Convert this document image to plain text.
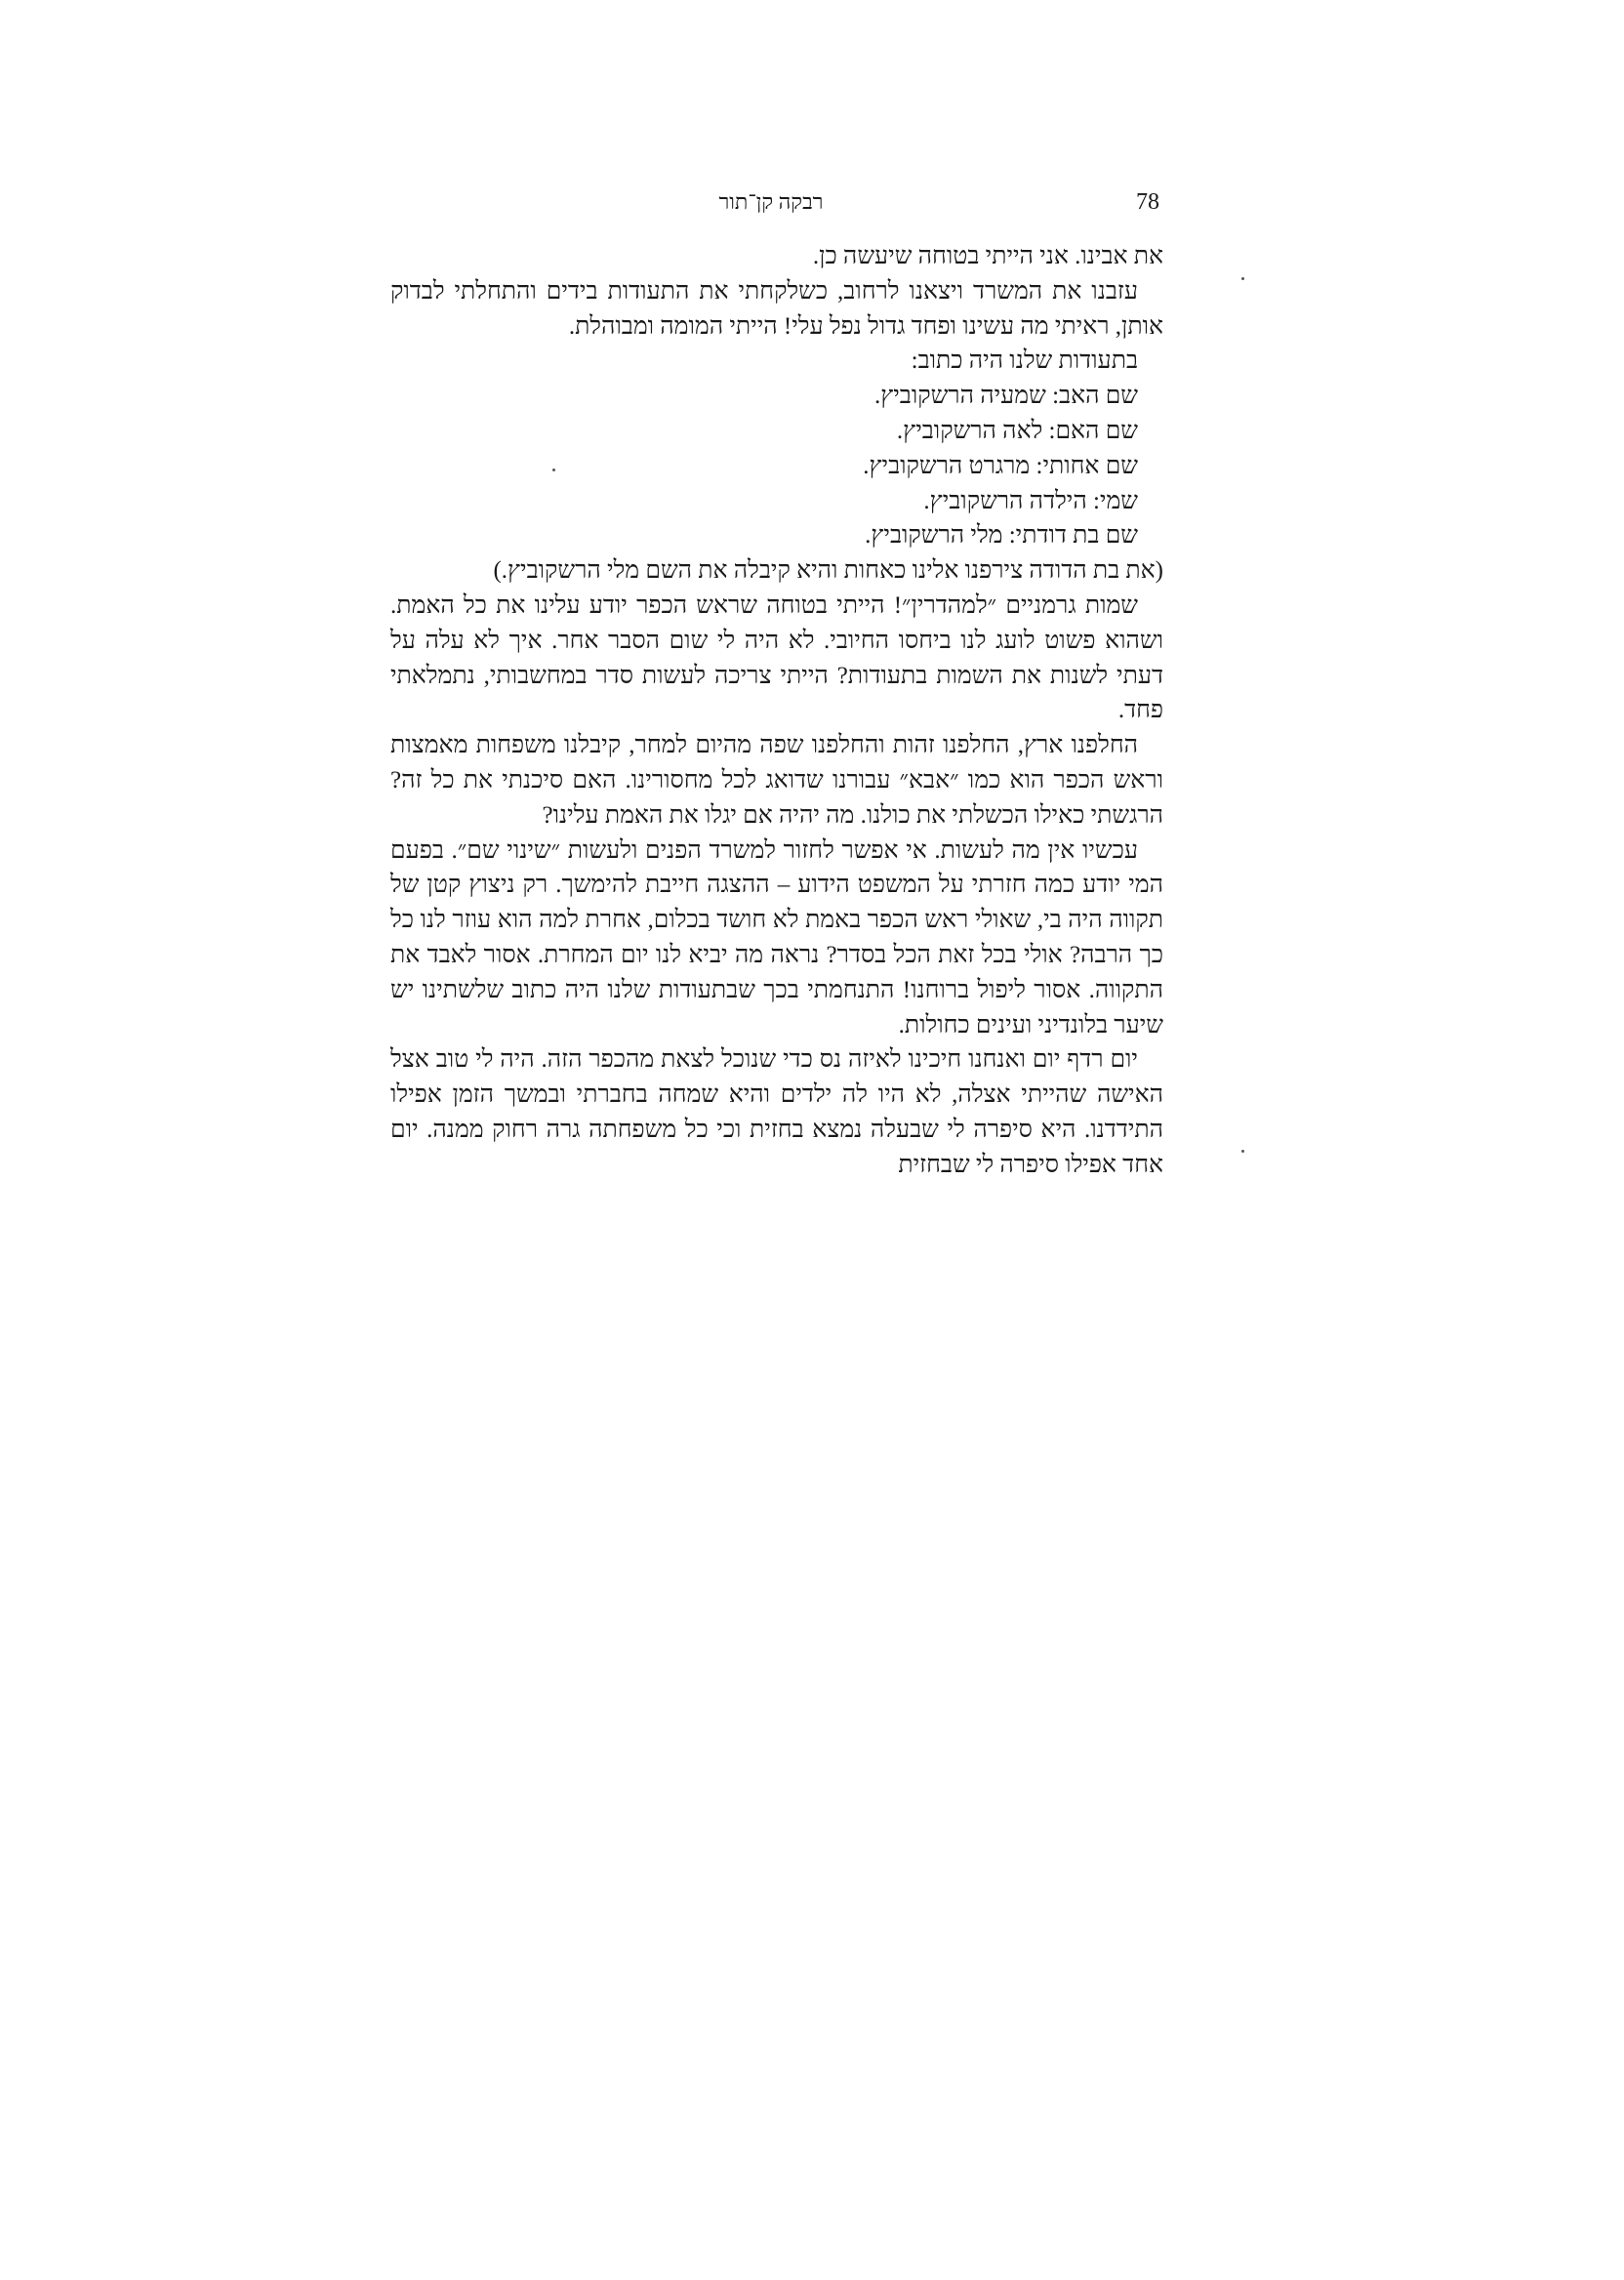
רבקה קן־תור	78

את אבינו. אני הייתי בטוחה שיעשה כן.

עזבנו את המשרד ויצאנו לרחוב, כשלקחתי את התעודות בידים והתחלתי לבדוק אותן, ראיתי מה עשינו ופחד גדול נפל עלי! הייתי המומה ומבוהלת.

בתעודות שלנו היה כתוב:

שם האב: שמעיה הרשקוביץ.

שם האם: לאה הרשקוביץ.

שם אחותי: מרגרט הרשקוביץ.

שמי: הילדה הרשקוביץ.

שם בת דודתי: מלי הרשקוביץ.

(את בת הדודה צירפנו אלינו כאחות והיא קיבלה את השם מלי הרשקוביץ.)

שמות גרמניים ״למהדרין״! הייתי בטוחה שראש הכפר יודע עלינו את כל האמת. ושהוא פשוט לועג לנו ביחסו החיובי. לא היה לי שום הסבר אחר. איך לא עלה על דעתי לשנות את השמות בתעודות? הייתי צריכה לעשות סדר במחשבותי, נתמלאתי פחד.

החלפנו ארץ, החלפנו זהות והחלפנו שפה מהיום למחר, קיבלנו משפחות מאמצות וראש הכפר הוא כמו ״אבא״ עבורנו שדואג לכל מחסורינו. האם סיכנתי את כל זה? הרגשתי כאילו הכשלתי את כולנו. מה יהיה אם יגלו את האמת עלינו?

עכשיו אין מה לעשות. אי אפשר לחזור למשרד הפנים ולעשות ״שינוי שם״. בפעם המי יודע כמה חזרתי על המשפט הידוע – ההצגה חייבת להימשך. רק ניצוץ קטן של תקווה היה בי, שאולי ראש הכפר באמת לא חושד בכלום, אחרת למה הוא עוזר לנו כל כך הרבה? אולי בכל זאת הכל בסדר? נראה מה יביא לנו יום המחרת. אסור לאבד את התקווה. אסור ליפול ברוחנו! התנחמתי בכך שבתעודות שלנו היה כתוב שלשתינו יש שיער בלונדיני ועינים כחולות.

יום רדף יום ואנחנו חיכינו לאיזה נס כדי שנוכל לצאת מהכפר הזה. היה לי טוב אצל האישה שהייתי אצלה, לא היו לה ילדים והיא שמחה בחברתי ובמשך הזמן אפילו התידדנו. היא סיפרה לי שבעלה נמצא בחזית וכי כל משפחתה גרה רחוק ממנה. יום אחד אפילו סיפרה לי שבחזית
